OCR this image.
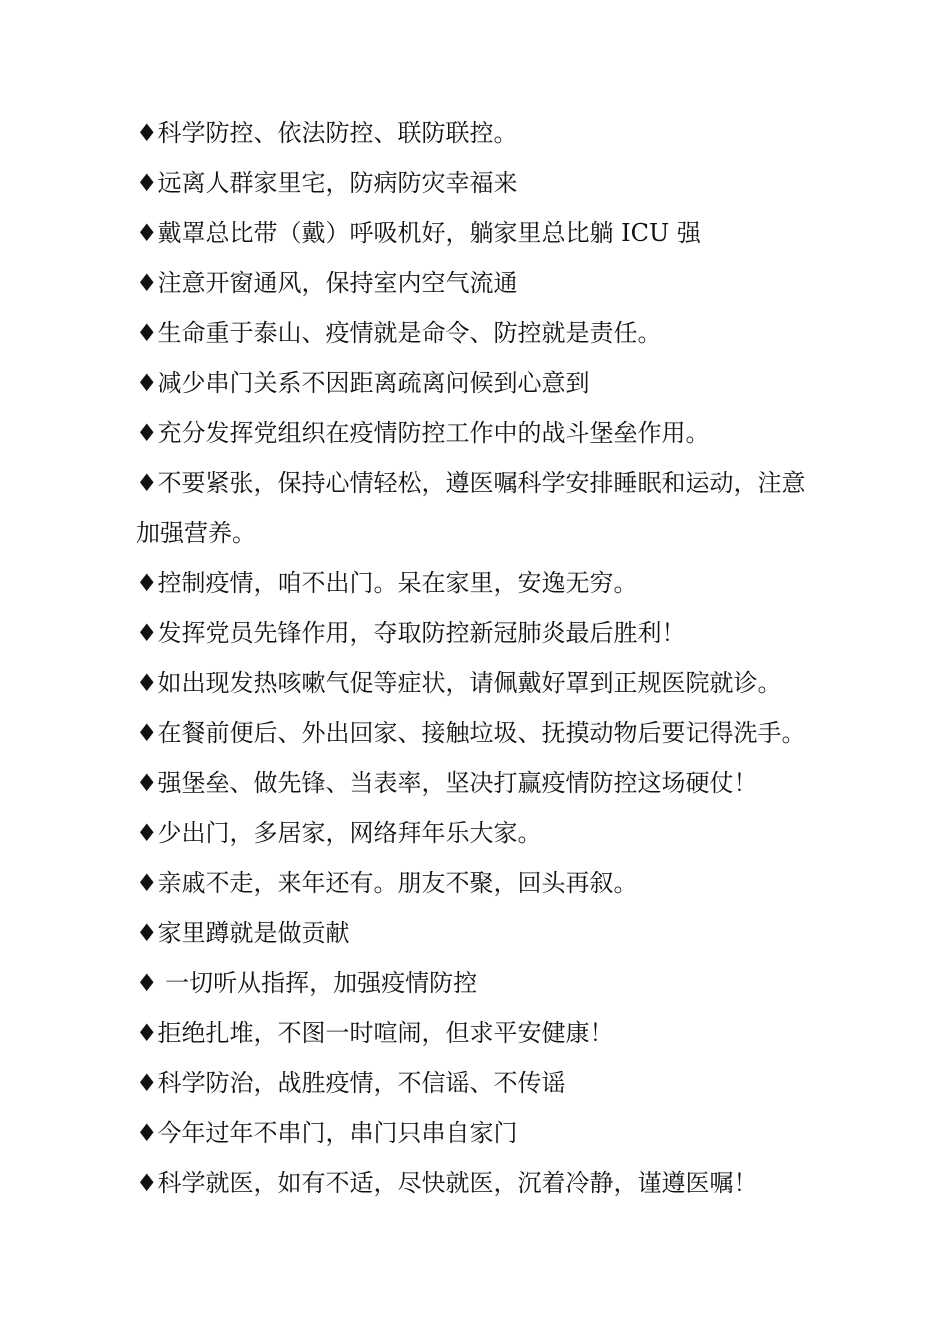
♦科学防控、依法防控、联防联控。

♦远离人群家里宅，防病防灾幸福来

♦戴罩总比带（戴）呼吸机好，躺家里总比躺 ICU 强

♦注意开窗通风，保持室内空气流通

♦生命重于泰山、疫情就是命令、防控就是责任。

♦减少串门关系不因距离疏离问候到心意到

♦充分发挥党组织在疫情防控工作中的战斗堡垒作用。

♦不要紧张，保持心情轻松，遵医嘱科学安排睡眠和运动，注意加强营养。

♦控制疫情，咱不出门。呆在家里，安逸无穷。

♦发挥党员先锋作用，夺取防控新冠肺炎最后胜利！

♦如出现发热咳嗽气促等症状，请佩戴好罩到正规医院就诊。

♦在餐前便后、外出回家、接触垃圾、抚摸动物后要记得洗手。

♦强堡垒、做先锋、当表率，坚决打赢疫情防控这场硬仗！

♦少出门，多居家，网络拜年乐大家。

♦亲戚不走，来年还有。朋友不聚，回头再叙。

♦家里蹲就是做贡献

♦ 一切听从指挥，加强疫情防控

♦拒绝扎堆，不图一时喧闹，但求平安健康！

♦科学防治，战胜疫情，不信谣、不传谣

♦今年过年不串门，串门只串自家门

♦科学就医，如有不适，尽快就医，沉着冷静，谨遵医嘱！
